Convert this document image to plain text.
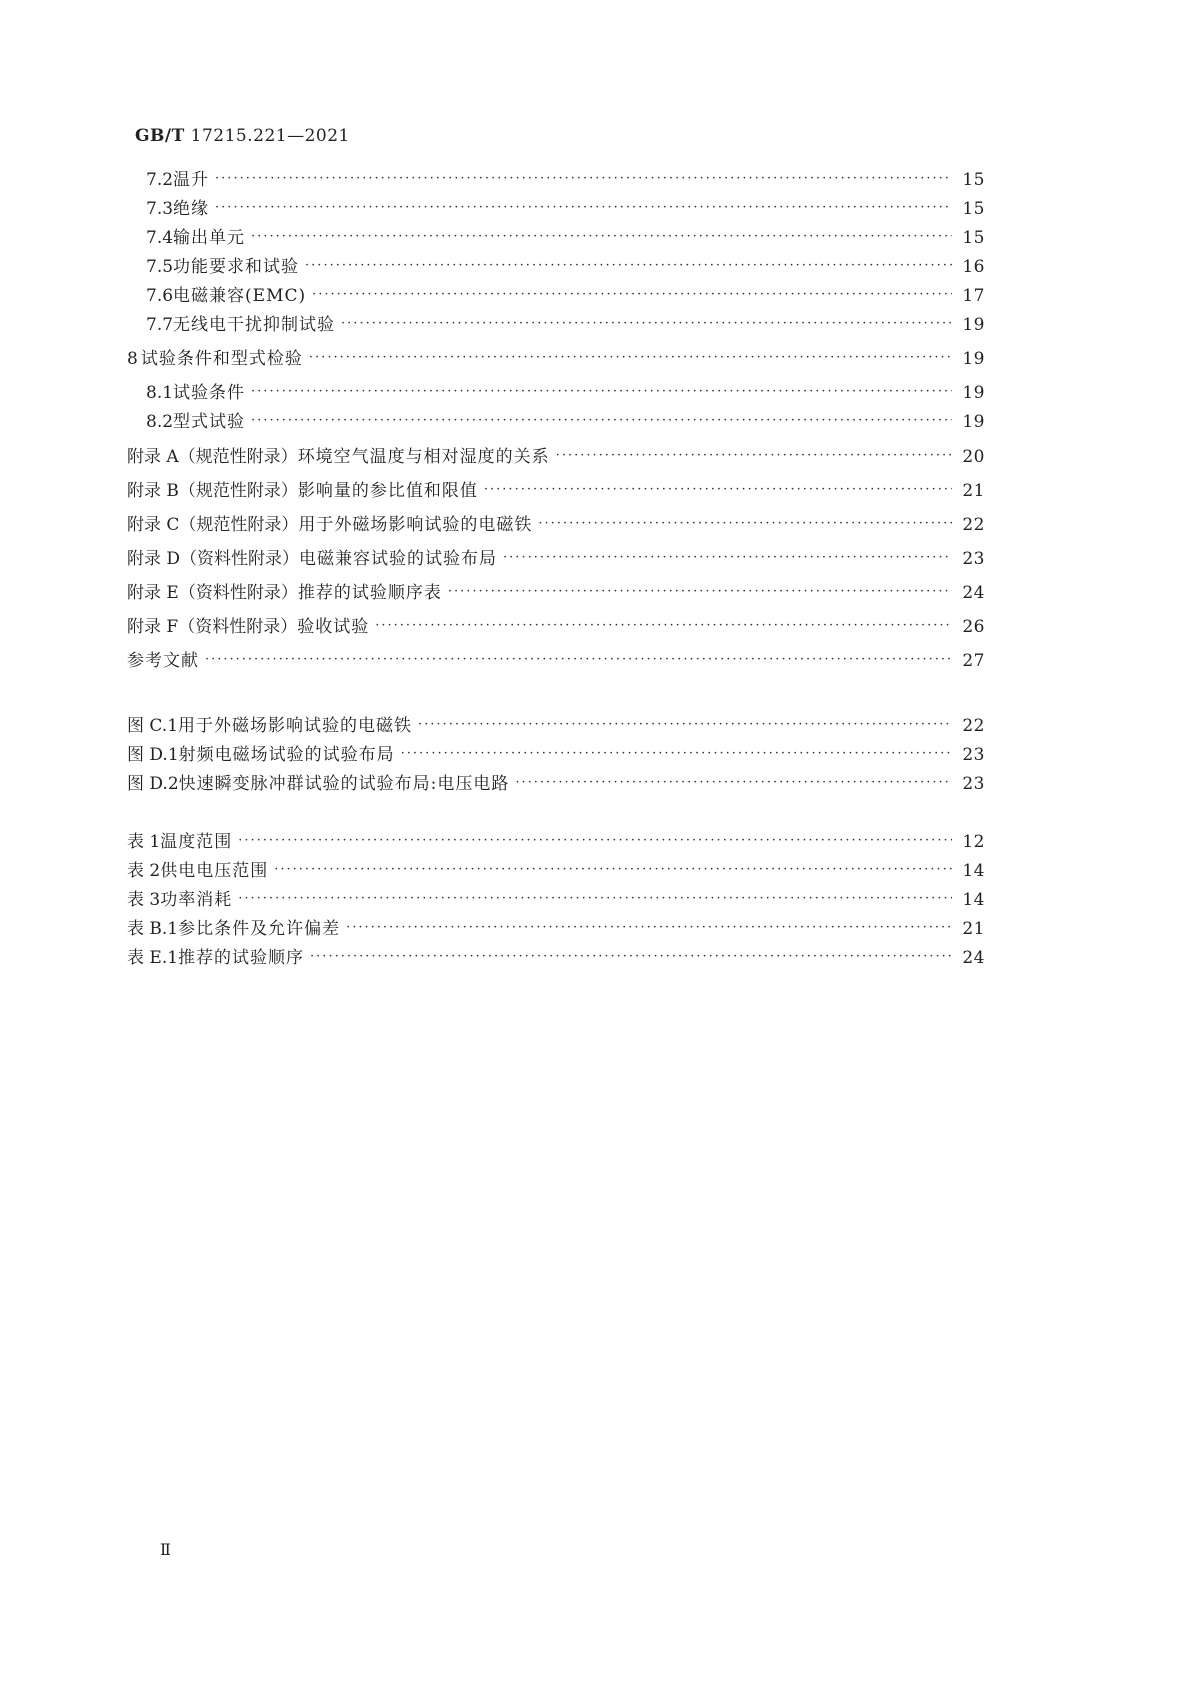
GB/T 17215.221—2021
7.2 温升 ·····	15
7.3 绝缘 ·····	15
7.4 输出单元 ·····	15
7.5 功能要求和试验 ·····	16
7.6 电磁兼容(EMC) ·····	17
7.7 无线电干扰抑制试验 ·····	19
8 试验条件和型式检验 ·····	19
8.1 试验条件 ·····	19
8.2 型式试验 ·····	19
附录 A（规范性附录） 环境空气温度与相对湿度的关系 ·····	20
附录 B（规范性附录） 影响量的参比值和限值 ·····	21
附录 C（规范性附录） 用于外磁场影响试验的电磁铁 ·····	22
附录 D（资料性附录） 电磁兼容试验的试验布局 ·····	23
附录 E（资料性附录） 推荐的试验顺序表 ·····	24
附录 F（资料性附录） 验收试验 ·····	26
参考文献 ·····	27
图 C.1 用于外磁场影响试验的电磁铁 ·····	22
图 D.1 射频电磁场试验的试验布局 ·····	23
图 D.2 快速瞬变脉冲群试验的试验布局:电压电路 ·····	23
表 1 温度范围 ·····	12
表 2 供电电压范围 ·····	14
表 3 功率消耗 ·····	14
表 B.1 参比条件及允许偏差 ·····	21
表 E.1 推荐的试验顺序 ·····	24
Ⅱ
